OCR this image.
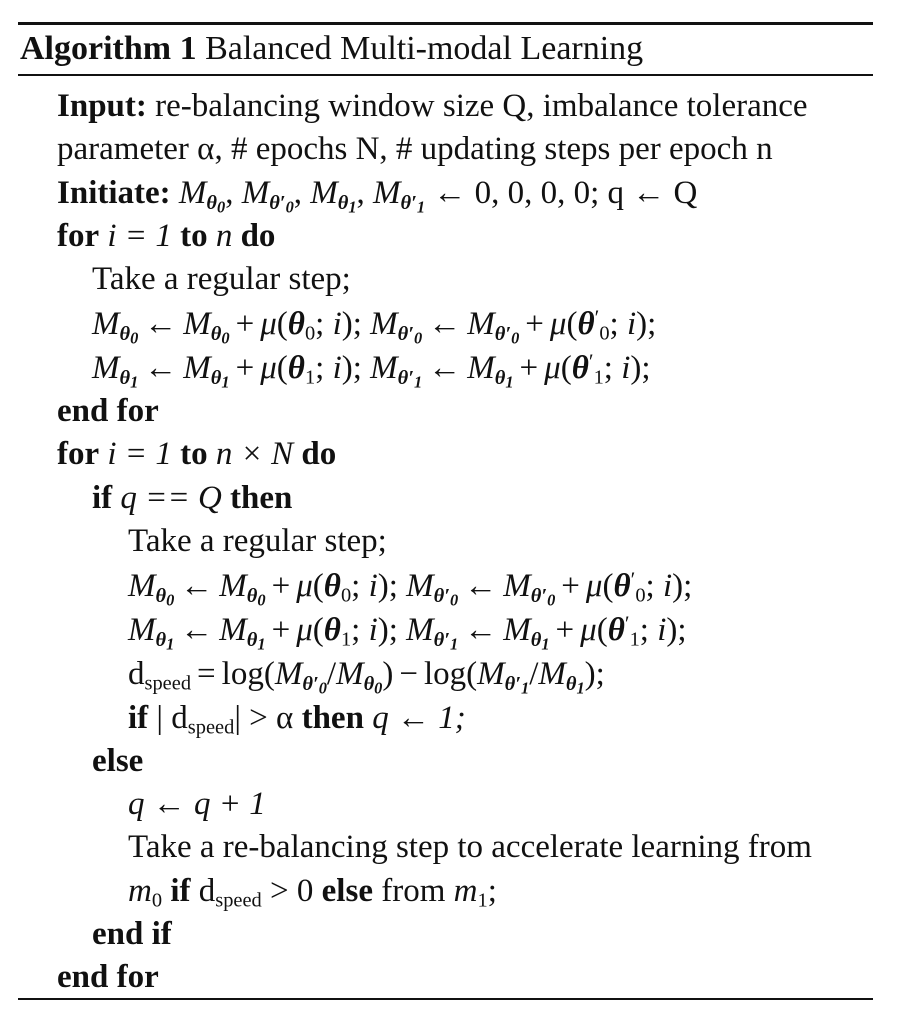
Algorithm 1 Balanced Multi-modal Learning
Input: re-balancing window size Q, imbalance tolerance
parameter α, # epochs N, # updating steps per epoch n
Initiate: $M_{\theta_0}$, $M_{\theta'_0}$, $M_{\theta_1}$, $M_{\theta'_1}$ ← 0, 0, 0, 0; q ← Q
for i = 1 to n do
Take a regular step;
$M_{\theta_0}$ ← $M_{\theta_0} + \mu(\theta_0$; i); $M_{\theta'_0}$ ← $M_{\theta'_0} + \mu(\theta'_0$; i);
$M_{\theta_1}$ ← $M_{\theta_1} + \mu(\theta_1$; i); $M_{\theta'_1}$ ← $M_{\theta_1} + \mu(\theta'_1$; i);
end for
for i = 1 to n × N do
if q == Q then
Take a regular step;
$M_{\theta_0}$ ← $M_{\theta_0} + \mu(\theta_0$; i); $M_{\theta'_0}$ ← $M_{\theta'_0} + \mu(\theta'_0$; i);
$M_{\theta_1}$ ← $M_{\theta_1} + \mu(\theta_1$; i); $M_{\theta'_1}$ ← $M_{\theta_1} + \mu(\theta'_1$; i);
$d_{speed} = \log(M_{\theta'_0}/M_{\theta_0}) - \log(M_{\theta'_1}/M_{\theta_1})$;
if | $d_{speed}| > \alpha$ then q ← 1;
else
q ← q + 1
Take a re-balancing step to accelerate learning from
$m_0$ if $d_{speed} > 0$ else from $m_1$;
end if
end for
